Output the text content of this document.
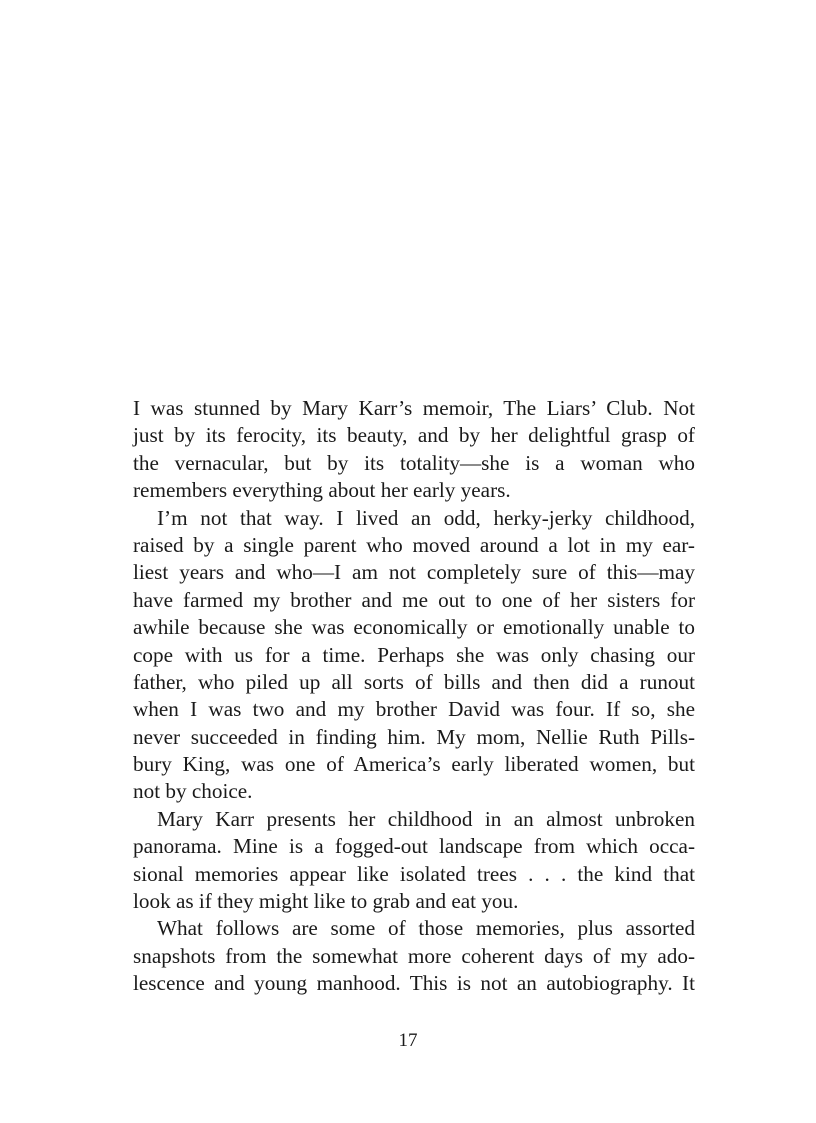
I was stunned by Mary Karr’s memoir, The Liars’ Club. Not
just by its ferocity, its beauty, and by her delightful grasp of
the vernacular, but by its totality—she is a woman who
remembers everything about her early years.
I’m not that way. I lived an odd, herky-jerky childhood,
raised by a single parent who moved around a lot in my ear-
liest years and who—I am not completely sure of this—may
have farmed my brother and me out to one of her sisters for
awhile because she was economically or emotionally unable to
cope with us for a time. Perhaps she was only chasing our
father, who piled up all sorts of bills and then did a runout
when I was two and my brother David was four. If so, she
never succeeded in finding him. My mom, Nellie Ruth Pills-
bury King, was one of America’s early liberated women, but
not by choice.
Mary Karr presents her childhood in an almost unbroken
panorama. Mine is a fogged-out landscape from which occa-
sional memories appear like isolated trees . . . the kind that
look as if they might like to grab and eat you.
What follows are some of those memories, plus assorted
snapshots from the somewhat more coherent days of my ado-
lescence and young manhood. This is not an autobiography. It
17
